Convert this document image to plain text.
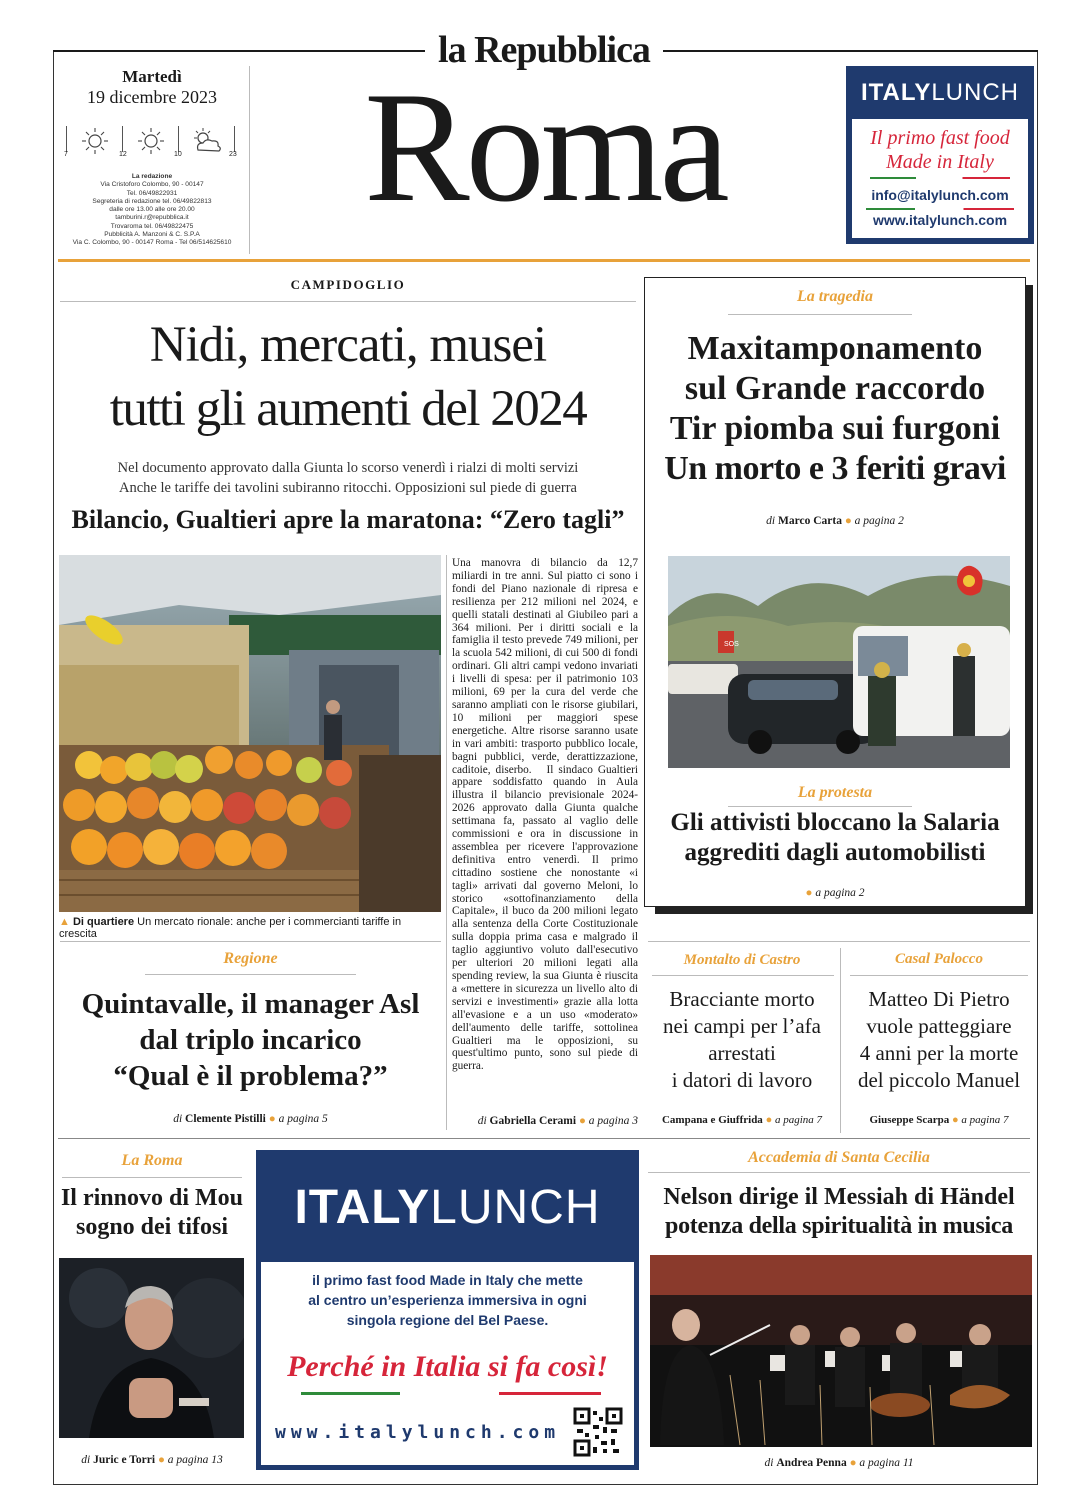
la Repubblica
Martedì
19 dicembre 2023
7	12	10	23
La redazione
Via Cristoforo Colombo, 90 - 00147
Tel. 06/49822931
Segreteria di redazione tel. 06/49822813
dalle ore 13.00 alle ore 20.00
tamburini.r@repubblica.it
Trovaroma tel. 06/49822475
Pubblicità A. Manzoni & C. S.P.A
Via C. Colombo, 90 - 00147 Roma - Tel 06/514625610
Roma	ITALYLUNCH
Il primo fast food
Made in Italy
info@italylunch.com
www.italylunch.com
CAMPIDOGLIO
Nidi, mercati, musei
tutti gli aumenti del 2024
Nel documento approvato dalla Giunta lo scorso venerdì i rialzi di molti servizi
Anche le tariffe dei tavolini subiranno ritocchi. Opposizioni sul piede di guerra
Bilancio, Gualtieri apre la maratona: “Zero tagli”
▲ Di quartiere Un mercato rionale: anche per i commercianti tariffe in crescita
Una manovra di bilancio da 12,7 miliardi in tre anni. Sul piatto ci sono i fondi del Piano nazionale di ripresa e resilienza per 212 milioni nel 2024, e quelli statali destinati al Giubileo pari a 364 milioni. Per i diritti sociali e la famiglia il testo prevede 749 milioni, per la scuola 542 milioni, di cui 500 di fondi ordinari. Gli altri campi vedono invariati i livelli di spesa: per il patrimonio 103 milioni, 69 per la cura del verde che saranno ampliati con le risorse giubilari, 10 milioni per maggiori spese energetiche. Altre risorse saranno usate in vari ambiti: trasporto pubblico locale, bagni pubblici, verde, derattizzazione, caditoie, diserbo.   Il sindaco Gualtieri appare soddisfatto quando in Aula illustra il bilancio previsionale 2024-2026 approvato dalla Giunta qualche settimana fa, passato al vaglio delle commissioni e ora in discussione in assemblea per ricevere l'approvazione definitiva entro venerdì. Il primo cittadino sostiene che nonostante «i tagli» arrivati dal governo Meloni, lo storico «sottofinanziamento della Capitale», il buco da 200 milioni legato alla sentenza della Corte Costituzionale sulla doppia prima casa e malgrado il taglio aggiuntivo voluto dall'esecutivo per ulteriori 20 milioni legati alla spending review, la sua Giunta è riuscita a «mettere in sicurezza un livello alto di servizi e investimenti» grazie alla lotta all'evasione e a un uso «moderato» dell'aumento delle tariffe, sottolinea Gualtieri ma le opposizioni, su quest'ultimo punto, sono sul piede di guerra.
di Gabriella Cerami ● a pagina 3
La tragedia
Maxitamponamento
sul Grande raccordo
Tir piomba sui furgoni
Un morto e 3 feriti gravi
di Marco Carta ● a pagina 2
SOS
La protesta
Gli attivisti bloccano la Salaria
aggrediti dagli automobilisti
● a pagina 2
Regione
Quintavalle, il manager Asl
dal triplo incarico
“Qual è il problema?”
di Clemente Pistilli ● a pagina 5
Montalto di Castro
Bracciante morto
nei campi per l’afa
arrestati
i datori di lavoro
Campana e Giuffrida ● a pagina 7
Casal Palocco
Matteo Di Pietro
vuole patteggiare
4 anni per la morte
del piccolo Manuel
Giuseppe Scarpa ● a pagina 7
La Roma
Il rinnovo di Mou
sogno dei tifosi
di Juric e Torri ● a pagina 13
ITALYLUNCH
il primo fast food Made in Italy che mette
al centro un’esperienza immersiva in ogni
singola regione del Bel Paese.
Perché in Italia si fa così!
www.italylunch.com
Accademia di Santa Cecilia
Nelson dirige il Messiah di Händel
potenza della spiritualità in musica
di Andrea Penna ● a pagina 11
